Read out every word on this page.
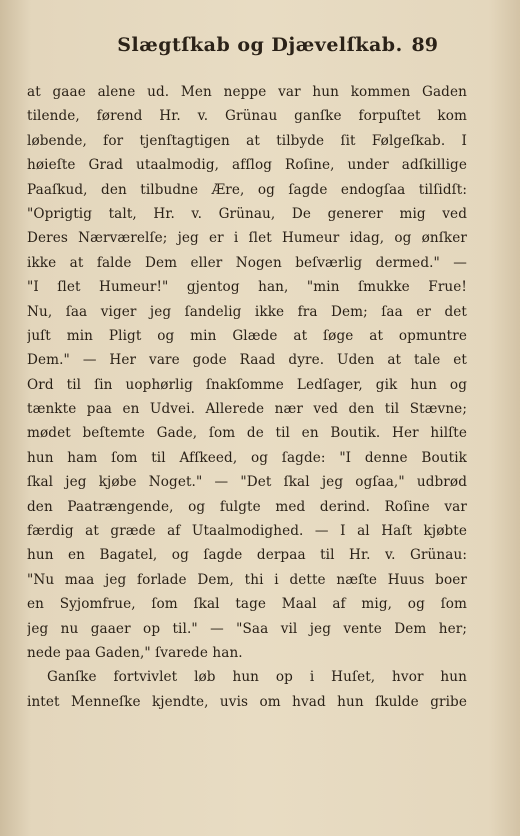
Slægtſkab og Djævelſkab. 89
at gaae alene ud. Men neppe var hun kommen Gaden
tilende, førend Hr. v. Grünau ganſke forpuſtet kom
løbende, for tjenſtagtigen at tilbyde ſit Følgeſkab. I
høieſte Grad utaalmodig, afſlog Roſine, under adſkillige
Paaſkud, den tilbudne Ære, og ſagde endogſaa tilſidſt:
"Oprigtig talt, Hr. v. Grünau, De generer mig ved
Deres Nærværelſe; jeg er i ſlet Humeur idag, og ønſker
ikke at falde Dem eller Nogen beſværlig dermed." —
"I ſlet Humeur!" gjentog han, "min ſmukke Frue!
Nu, ſaa viger jeg ſandelig ikke fra Dem; ſaa er det
juſt min Pligt og min Glæde at ſøge at opmuntre
Dem." — Her vare gode Raad dyre. Uden at tale et
Ord til ſin uophørlig ſnakſomme Ledſager, gik hun og
tænkte paa en Udvei. Allerede nær ved den til Stævne;
mødet beſtemte Gade, ſom de til en Boutik. Her hilſte
hun ham ſom til Afſkeed, og ſagde: "I denne Boutik
ſkal jeg kjøbe Noget." — "Det ſkal jeg ogſaa," udbrød
den Paatrængende, og fulgte med derind. Roſine var
færdig at græde af Utaalmodighed. — I al Haſt kjøbte
hun en Bagatel, og ſagde derpaa til Hr. v. Grünau:
"Nu maa jeg forlade Dem, thi i dette næſte Huus boer
en Syjomfrue, ſom ſkal tage Maal af mig, og ſom
jeg nu gaaer op til." — "Saa vil jeg vente Dem her;
nede paa Gaden," ſvarede han.
Ganſke fortvivlet løb hun op i Huſet, hvor hun
intet Menneſke kjendte, uvis om hvad hun ſkulde gribe
